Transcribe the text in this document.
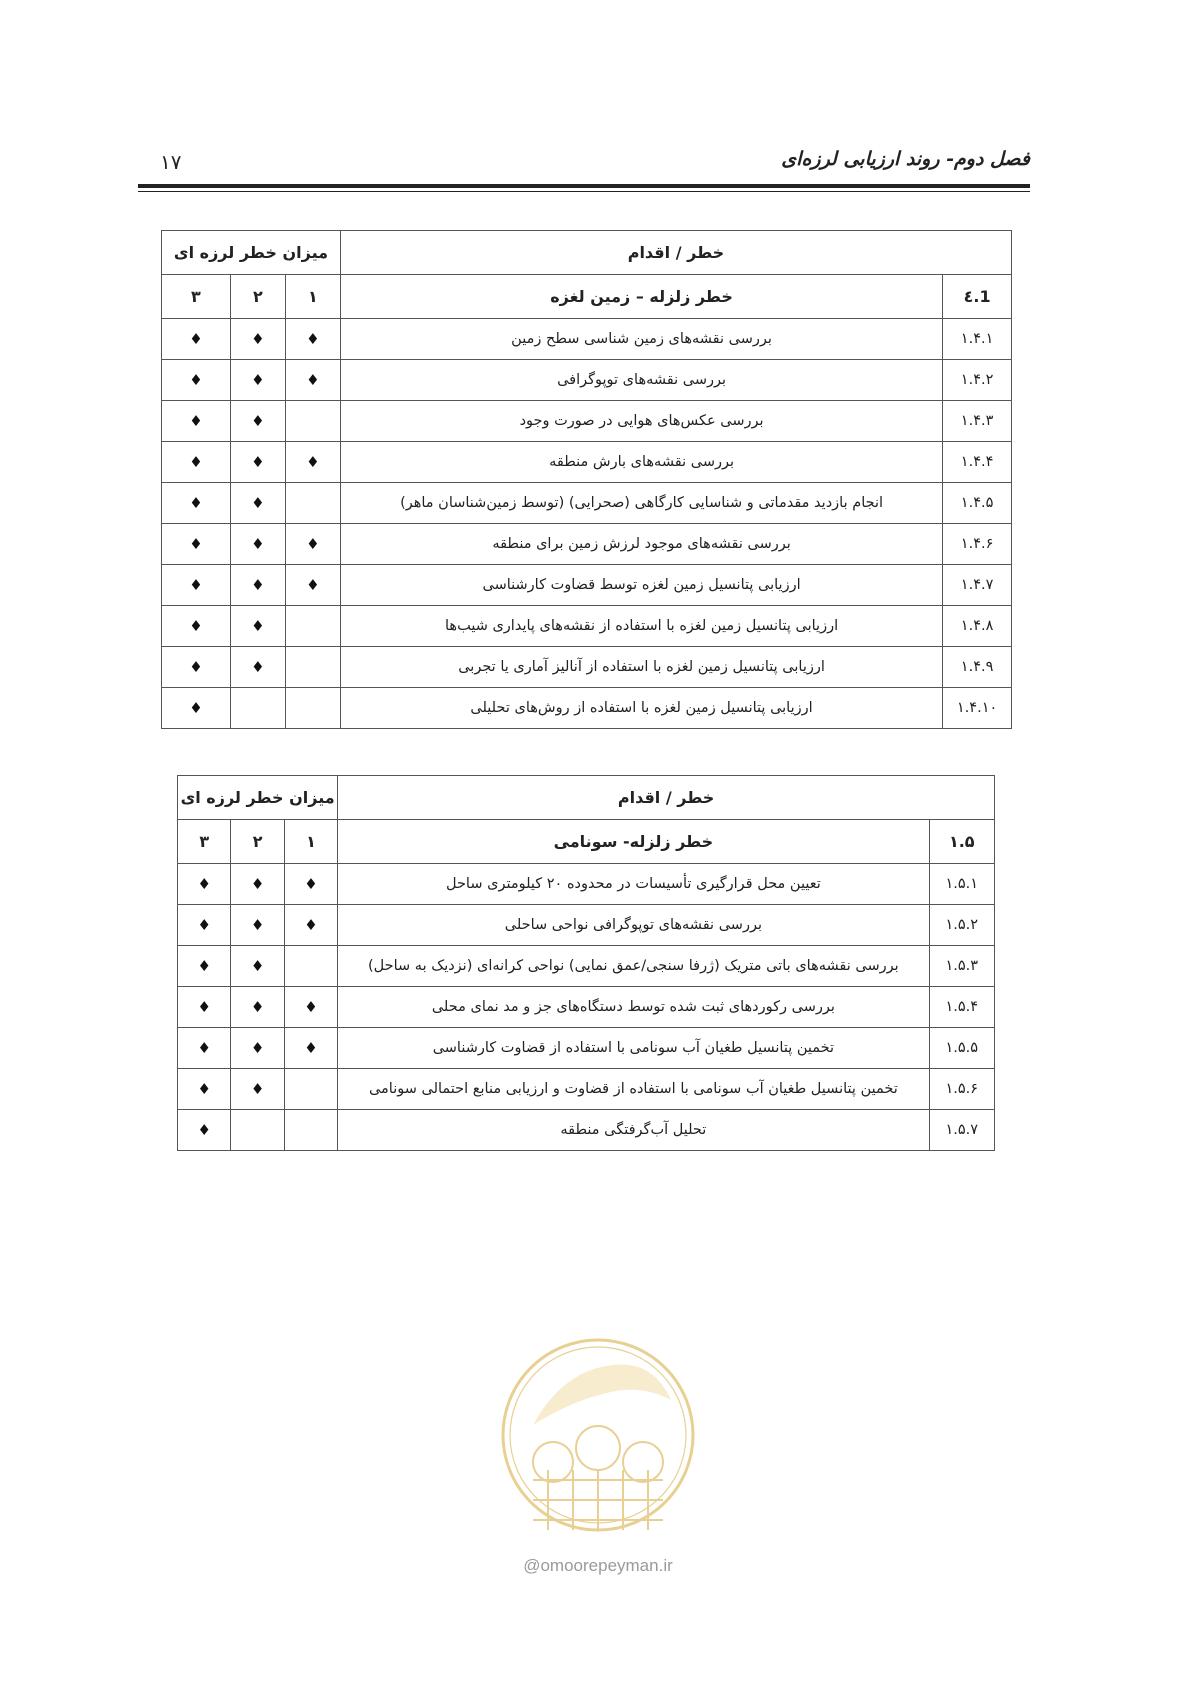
فصل دوم- روند ارزیابی لرزه‌ای
۱۷
خطر / اقدام		میزان خطر لرزه ای		
1.٤	خطر زلزله – زمین لغزه	۱	۲	۳
۱.۴.۱	بررسی نقشه‌های زمین شناسی سطح زمین	♦	♦	♦
۱.۴.۲	بررسی نقشه‌های توپوگرافی	♦	♦	♦
۱.۴.۳	بررسی عکس‌های هوایی در صورت وجود		♦	♦
۱.۴.۴	بررسی نقشه‌های بارش منطقه	♦	♦	♦
۱.۴.۵	انجام بازدید مقدماتی و شناسایی کارگاهی (صحرایی) (توسط زمین‌شناسان ماهر)		♦	♦
۱.۴.۶	بررسی نقشه‌های موجود لرزش زمین برای منطقه	♦	♦	♦
۱.۴.۷	ارزیابی پتانسیل زمین لغزه توسط قضاوت کارشناسی	♦	♦	♦
۱.۴.۸	ارزیابی پتانسیل زمین لغزه با استفاده از نقشه‌های پایداری شیب‌ها		♦	♦
۱.۴.۹	ارزیابی پتانسیل زمین لغزه با استفاده از آنالیز آماری یا تجربی		♦	♦
۱.۴.۱۰	ارزیابی پتانسیل زمین لغزه با استفاده از روش‌های تحلیلی			♦
خطر / اقدام		میزان خطر لرزه ای		
۱.۵	خطر زلزله- سونامی	۱	۲	۳
۱.۵.۱	تعیین محل قرارگیری تأسیسات در محدوده ۲۰ کیلومتری ساحل	♦	♦	♦
۱.۵.۲	بررسی نقشه‌های توپوگرافی نواحی ساحلی	♦	♦	♦
۱.۵.۳	بررسی نقشه‌های باتی متریک (ژرفا سنجی/عمق نمایی) نواحی کرانه‌ای (نزدیک به ساحل)		♦	♦
۱.۵.۴	بررسی رکوردهای ثبت شده توسط دستگاه‌های جز و مد نمای محلی	♦	♦	♦
۱.۵.۵	تخمین پتانسیل طغیان آب سونامی با استفاده از قضاوت کارشناسی	♦	♦	♦
۱.۵.۶	تخمین پتانسیل طغیان آب سونامی با استفاده از قضاوت و ارزیابی منابع احتمالی سونامی		♦	♦
۱.۵.۷	تحلیل آب‌گرفتگی منطقه			♦
@omoorepeyman.ir
